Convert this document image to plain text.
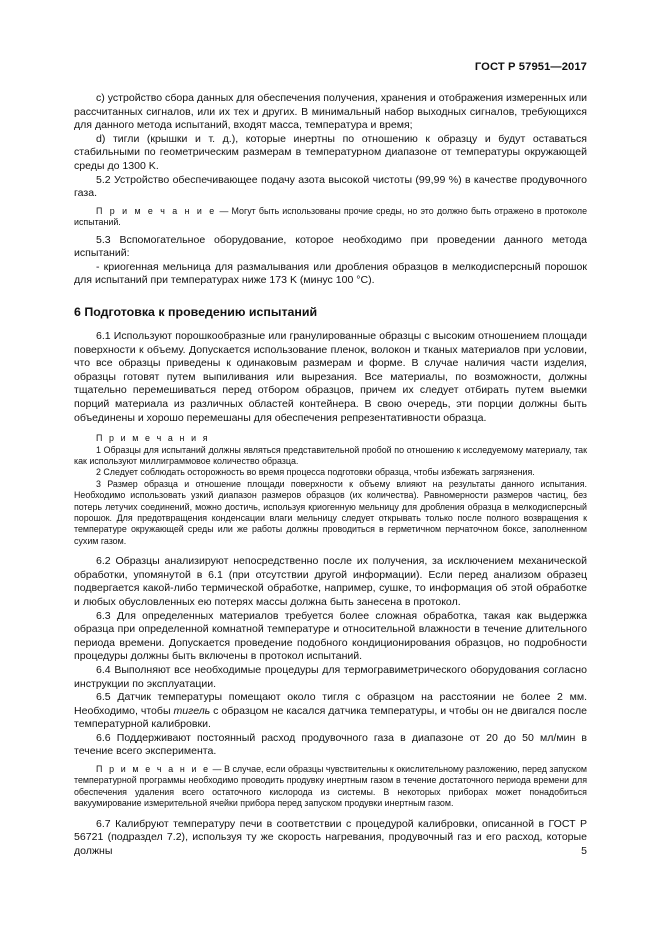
ГОСТ Р 57951—2017

c) устройство сбора данных для обеспечения получения, хранения и отображения измеренных или рассчитанных сигналов, или их тех и других. В минимальный набор выходных сигналов, требующихся для данного метода испытаний, входят масса, температура и время;

d) тигли (крышки и т. д.), которые инертны по отношению к образцу и будут оставаться стабильными по геометрическим размерам в температурном диапазоне от температуры окружающей среды до 1300 K.

5.2 Устройство обеспечивающее подачу азота высокой чистоты (99,99 %) в качестве продувочного газа.

П р и м е ч а н и е — Могут быть использованы прочие среды, но это должно быть отражено в протоколе испытаний.

5.3 Вспомогательное оборудование, которое необходимо при проведении данного метода испытаний:

- криогенная мельница для размалывания или дробления образцов в мелкодисперсный порошок для испытаний при температурах ниже 173 K (минус 100 °C).

6 Подготовка к проведению испытаний

6.1 Используют порошкообразные или гранулированные образцы с высоким отношением площади поверхности к объему. Допускается использование пленок, волокон и тканых материалов при условии, что все образцы приведены к одинаковым размерам и форме. В случае наличия части изделия, образцы готовят путем выпиливания или вырезания. Все материалы, по возможности, должны тщательно перемешиваться перед отбором образцов, причем их следует отбирать путем выемки порций материала из различных областей контейнера. В свою очередь, эти порции должны быть объединены и хорошо перемешаны для обеспечения репрезентативности образца.

П р и м е ч а н и я

1 Образцы для испытаний должны являться представительной пробой по отношению к исследуемому материалу, так как используют миллиграммовое количество образца.

2 Следует соблюдать осторожность во время процесса подготовки образца, чтобы избежать загрязнения.

3 Размер образца и отношение площади поверхности к объему влияют на результаты данного испытания. Необходимо использовать узкий диапазон размеров образцов (их количества). Равномерности размеров частиц, без потерь летучих соединений, можно достичь, используя криогенную мельницу для дробления образца в мелкодисперсный порошок. Для предотвращения конденсации влаги мельницу следует открывать только после полного возвращения к температуре окружающей среды или же работы должны проводиться в герметичном перчаточном боксе, заполненном сухим газом.

6.2 Образцы анализируют непосредственно после их получения, за исключением механической обработки, упомянутой в 6.1 (при отсутствии другой информации). Если перед анализом образец подвергается какой-либо термической обработке, например, сушке, то информация об этой обработке и любых обусловленных ею потерях массы должна быть занесена в протокол.

6.3 Для определенных материалов требуется более сложная обработка, такая как выдержка образца при определенной комнатной температуре и относительной влажности в течение длительного периода времени. Допускается проведение подобного кондиционирования образцов, но подробности процедуры должны быть включены в протокол испытаний.

6.4 Выполняют все необходимые процедуры для термогравиметрического оборудования согласно инструкции по эксплуатации.

6.5 Датчик температуры помещают около тигля с образцом на расстоянии не более 2 мм. Необходимо, чтобы тигель с образцом не касался датчика температуры, и чтобы он не двигался после температурной калибровки.

6.6 Поддерживают постоянный расход продувочного газа в диапазоне от 20 до 50 мл/мин в течение всего эксперимента.

П р и м е ч а н и е — В случае, если образцы чувствительны к окислительному разложению, перед запуском температурной программы необходимо проводить продувку инертным газом в течение достаточного периода времени для обеспечения удаления всего остаточного кислорода из системы. В некоторых приборах может понадобиться вакуумирование измерительной ячейки прибора перед запуском продувки инертным газом.

6.7 Калибруют температуру печи в соответствии с процедурой калибровки, описанной в ГОСТ Р 56721 (подраздел 7.2), используя ту же скорость нагревания, продувочный газ и его расход, которые должны	5
